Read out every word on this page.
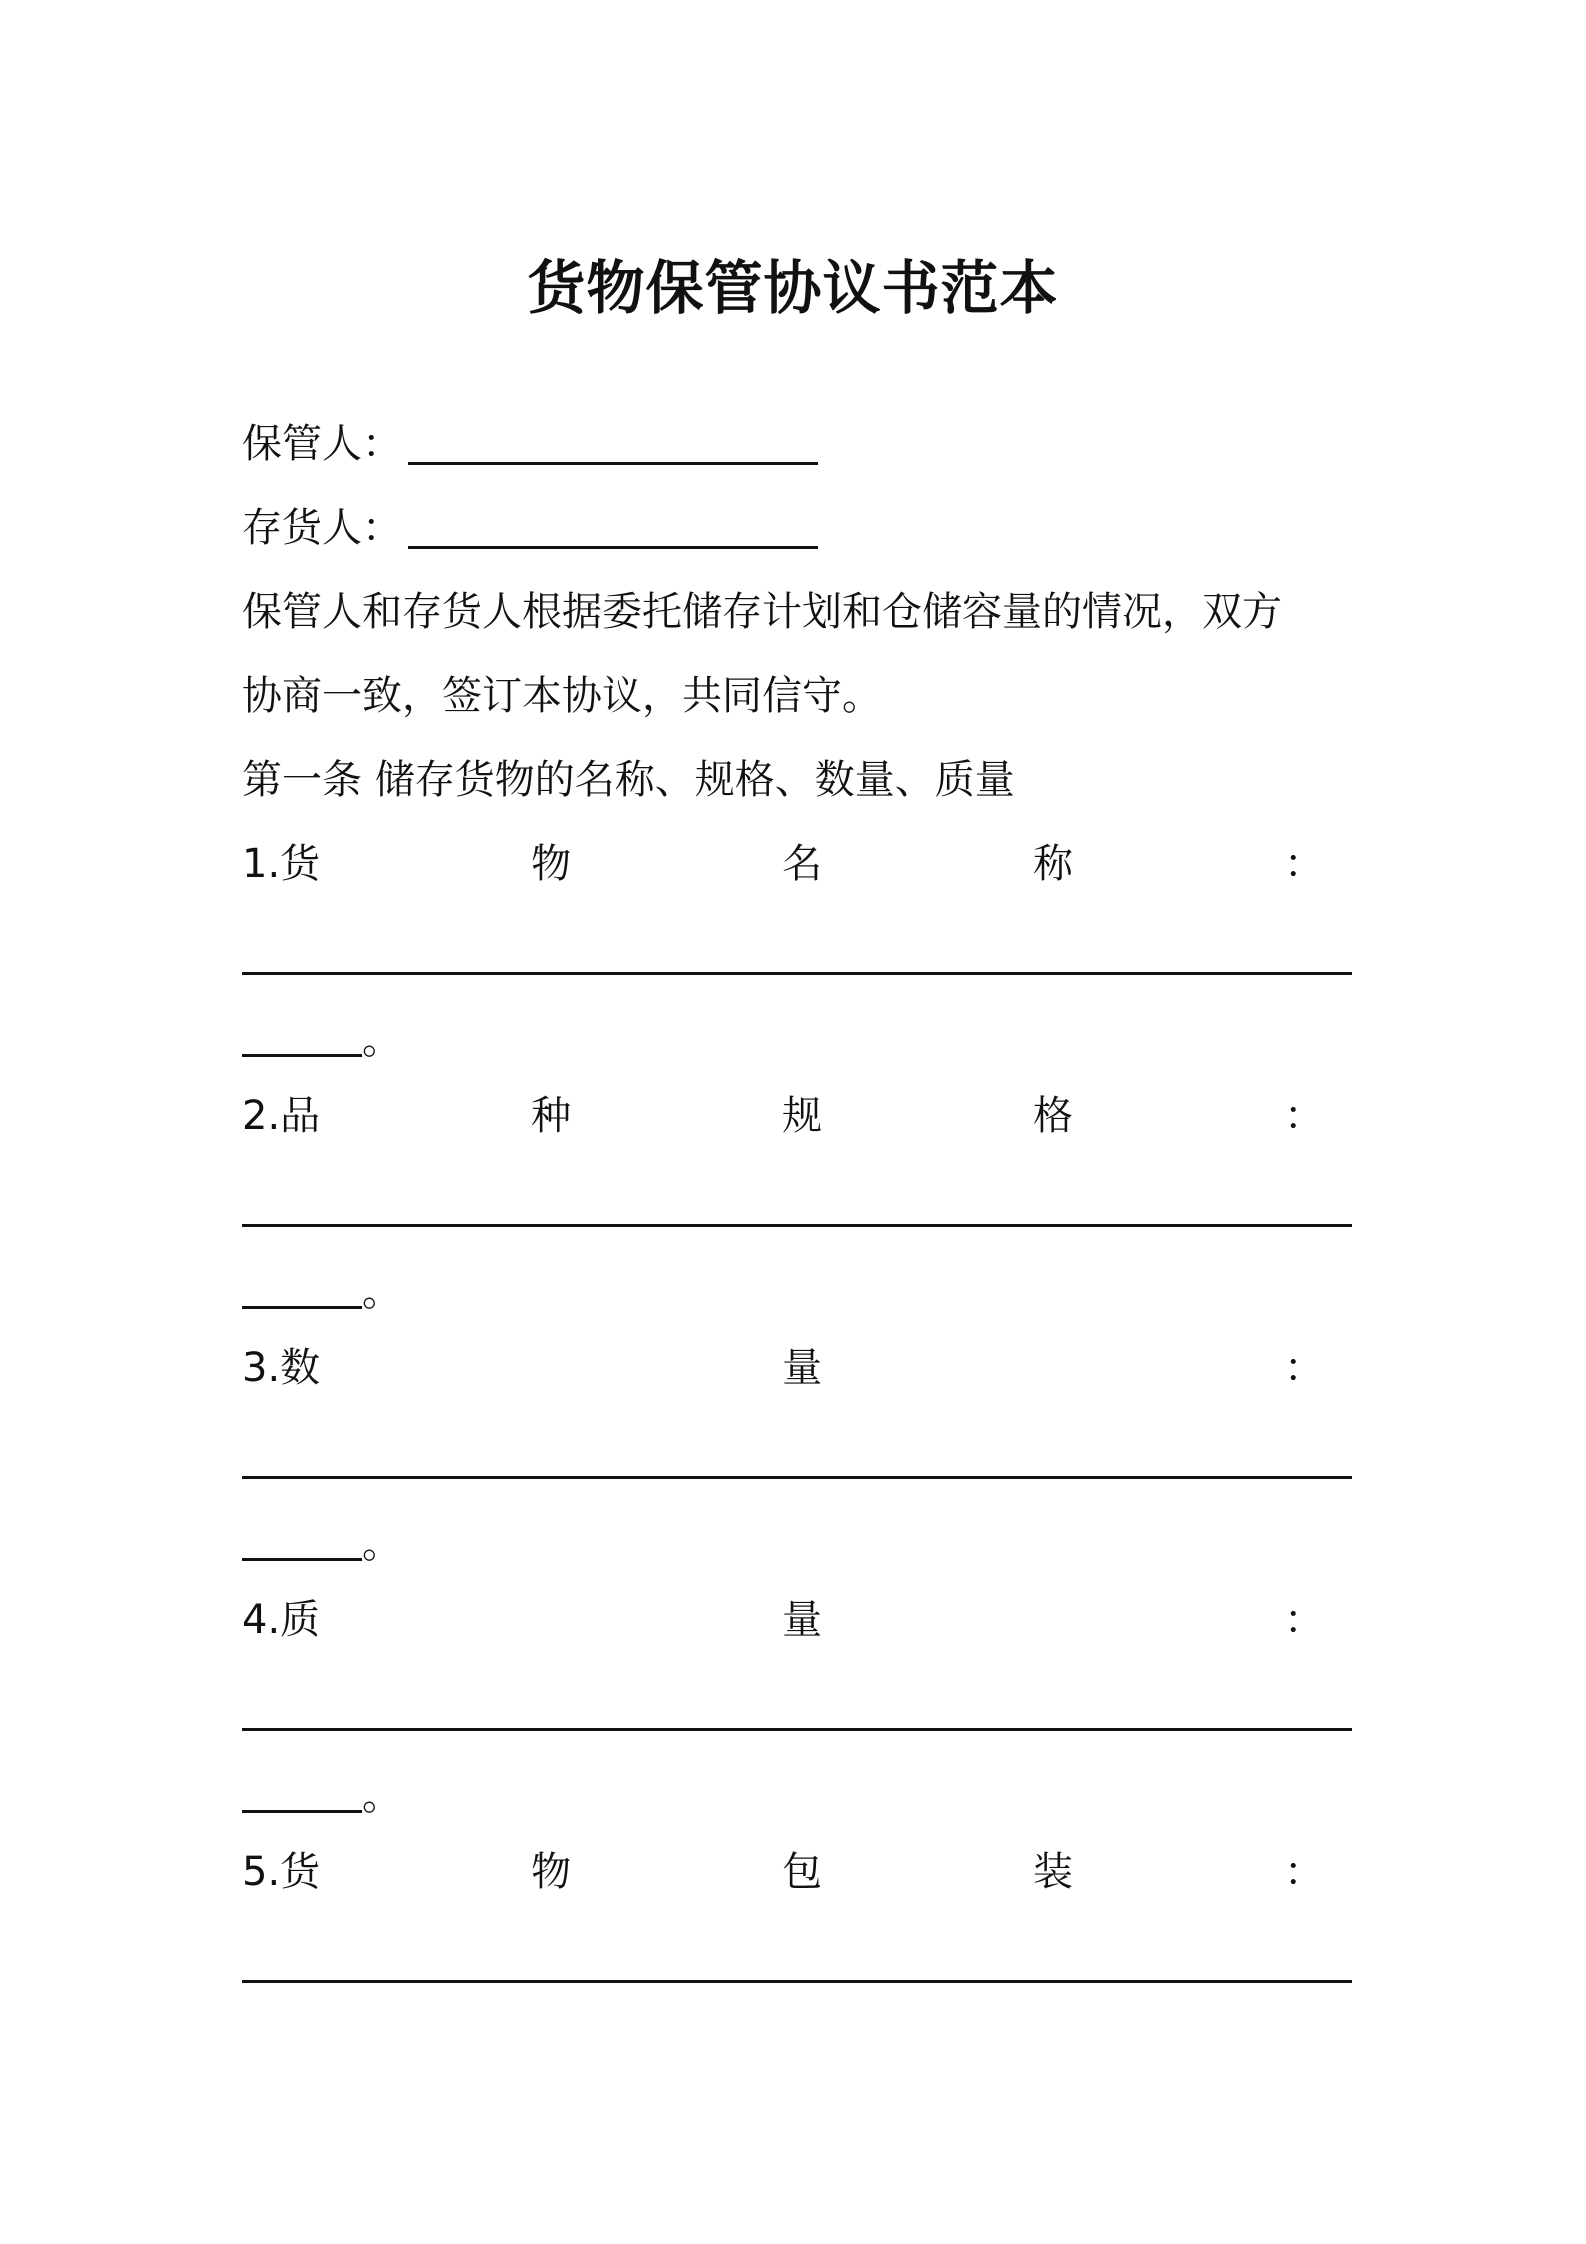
货物保管协议书范本
保管人：
存货人：
保管人和存货人根据委托储存计划和仓储容量的情况，双方
协商一致，签订本协议，共同信守。
第一条 储存货物的名称、规格、数量、质量
1.货	物	名	称	：
。
2.品	种	规	格	：
。
3.数	量	：
。
4.质	量	：
。
5.货	物	包	装	：
